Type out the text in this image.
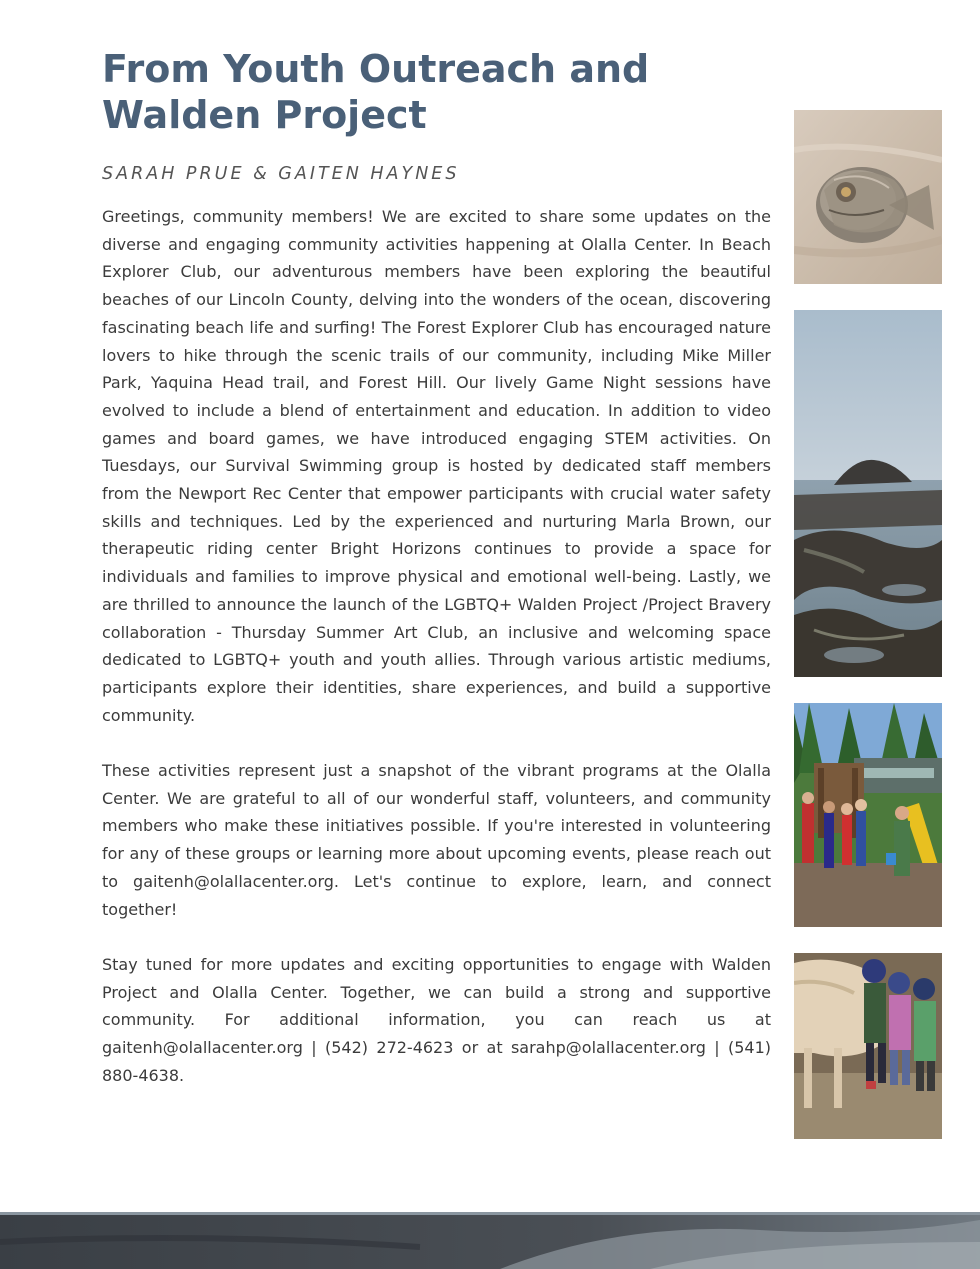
From Youth Outreach and Walden Project
SARAH PRUE & GAITEN HAYNES

Greetings, community members! We are excited to share some updates on the diverse and engaging community activities happening at Olalla Center. In Beach Explorer Club, our adventurous members have been exploring the beautiful beaches of our Lincoln County, delving into the wonders of the ocean, discovering fascinating beach life and surfing! The Forest Explorer Club has encouraged nature lovers to hike through the scenic trails of our community, including Mike Miller Park, Yaquina Head trail, and Forest Hill. Our lively Game Night sessions have evolved to include a blend of entertainment and education. In addition to video games and board games, we have introduced engaging STEM activities. On Tuesdays, our Survival Swimming group is hosted by dedicated staff members from the Newport Rec Center that empower participants with crucial water safety skills and techniques. Led by the experienced and nurturing Marla Brown, our therapeutic riding center Bright Horizons continues to provide a space for individuals and families to improve physical and emotional well-being. Lastly, we are thrilled to announce the launch of the LGBTQ+ Walden Project /Project Bravery collaboration - Thursday Summer Art Club, an inclusive and welcoming space dedicated to LGBTQ+ youth and youth allies. Through various artistic mediums, participants explore their identities, share experiences, and build a supportive community.

These activities represent just a snapshot of the vibrant programs at the Olalla Center. We are grateful to all of our wonderful staff, volunteers, and community members who make these initiatives possible. If you're interested in volunteering for any of these groups or learning more about upcoming events, please reach out to gaitenh@olallacenter.org. Let's continue to explore, learn, and connect together!

Stay tuned for more updates and exciting opportunities to engage with Walden Project and Olalla Center. Together, we can build a strong and supportive community. For additional information, you can reach us at gaitenh@olallacenter.org | (542) 272-4623 or at sarahp@olallacenter.org | (541) 880-4638.
